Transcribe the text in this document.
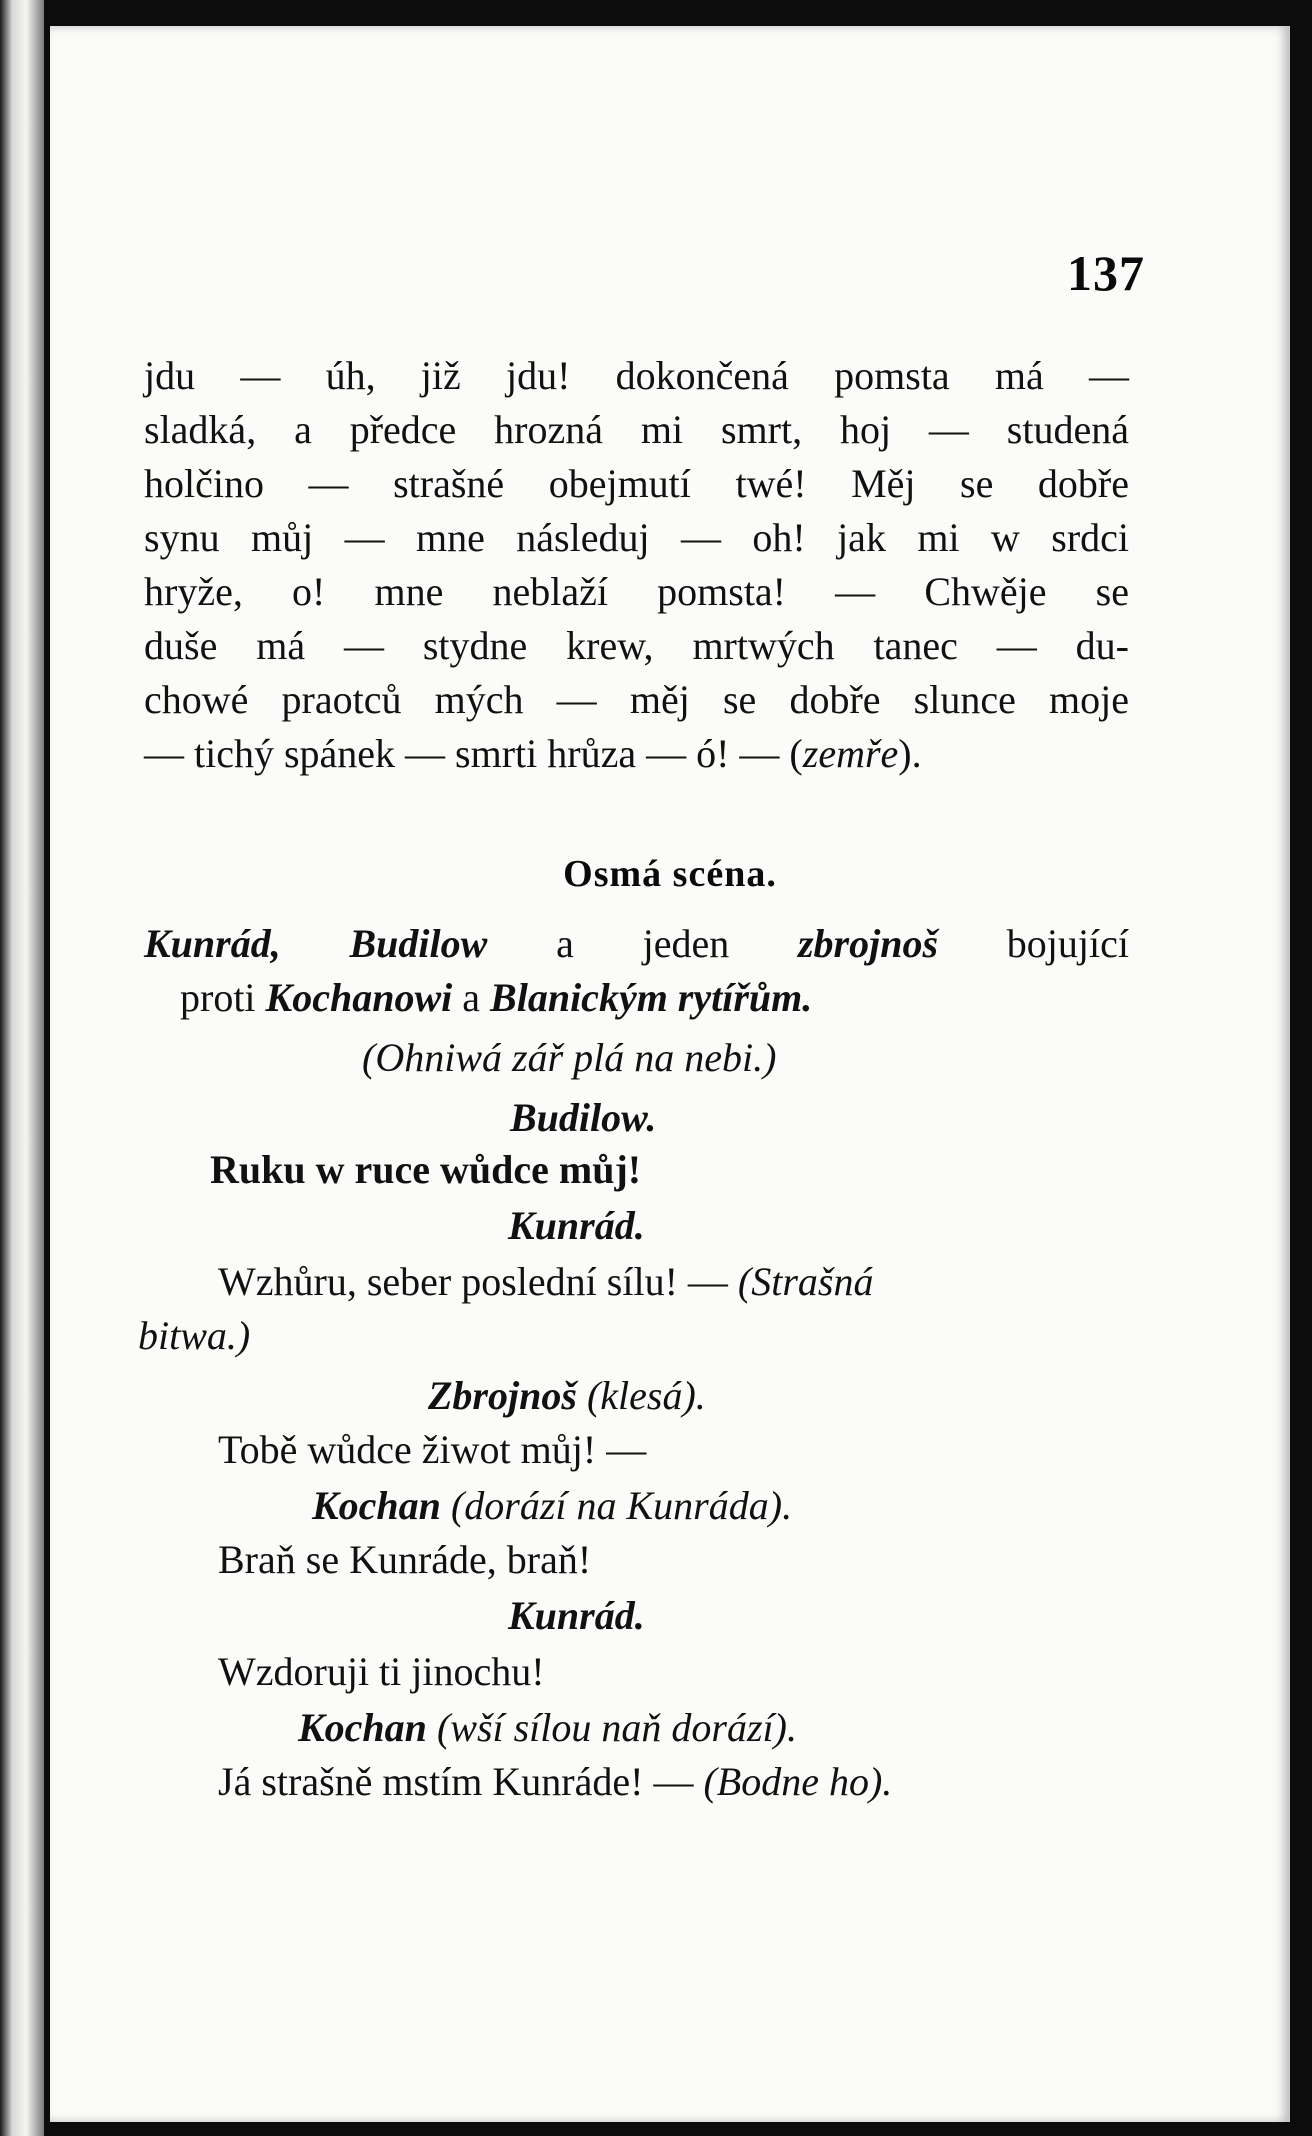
137
jdu — úh, již jdu! dokončená pomsta má —
sladká, a předce hrozná mi smrt, hoj — studená
holčino — strašné obejmutí twé! Měj se dobře
synu můj — mne následuj — oh! jak mi w srdci
hryže, o! mne neblaží pomsta! — Chwěje se
duše má — stydne krew, mrtwých tanec — du-
chowé praotců mých — měj se dobře slunce moje
— tichý spánek — smrti hrůza — ó! — (zemře).
Osmá scéna.
Kunrád, Budilow a jeden zbrojnoš bojující
proti Kochanowi a Blanickým rytířům.
(Ohniwá zář plá na nebi.)
Budilow.
Ruku w ruce wůdce můj!
Kunrád.
Wzhůru, seber poslední sílu! — (Strašná
bitwa.)
Zbrojnoš (klesá).
Tobě wůdce žiwot můj! —
Kochan (dorází na Kunráda).
Braň se Kunráde, braň!
Kunrád.
Wzdoruji ti jinochu!
Kochan (wší sílou naň dorází).
Já strašně mstím Kunráde! — (Bodne ho).
